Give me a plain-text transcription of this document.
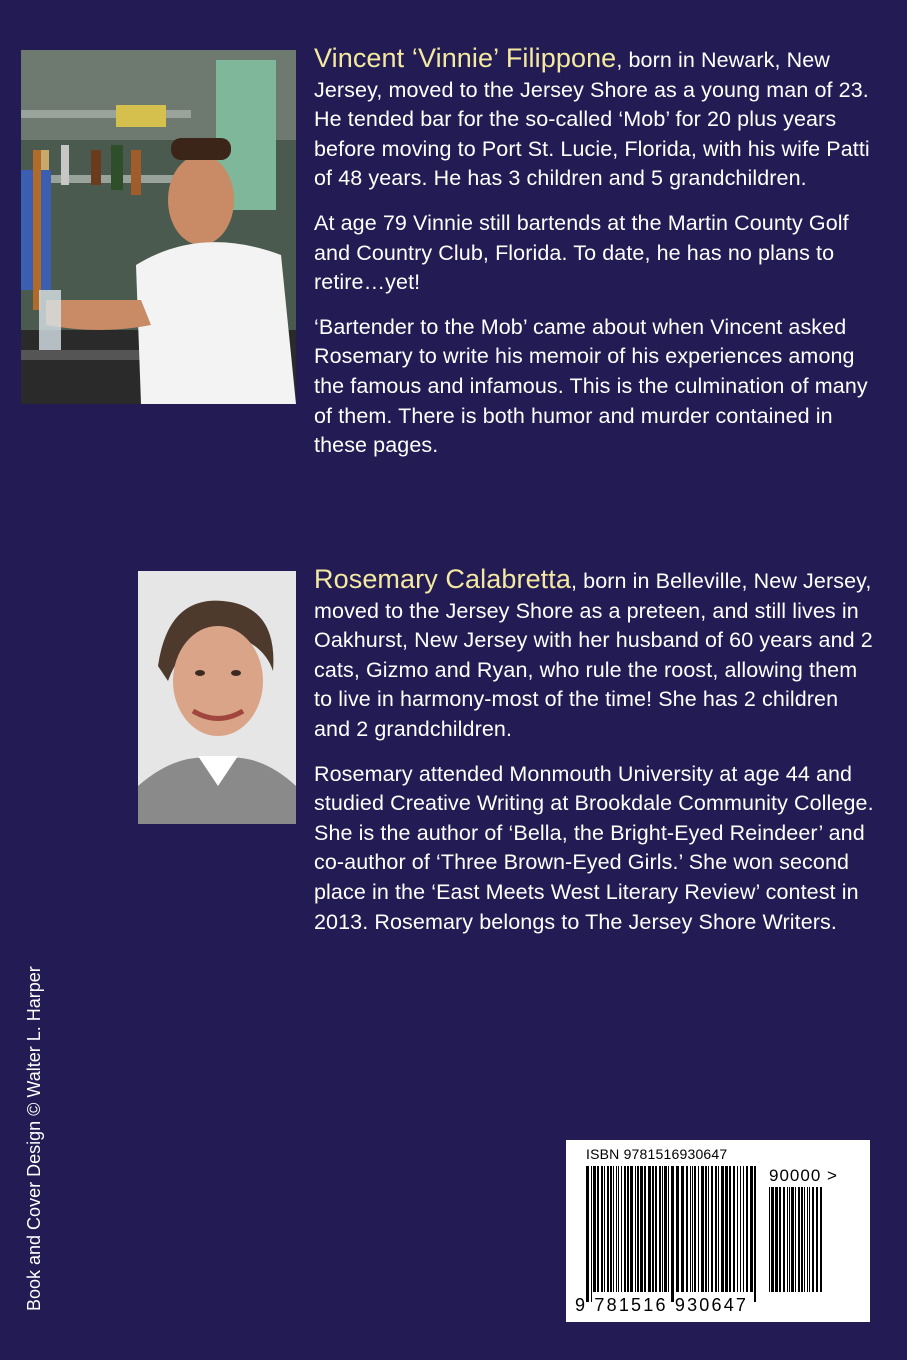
Vincent ‘Vinnie’ Filippone, born in Newark, New Jersey, moved to the Jersey Shore as a young man of 23. He tended bar for the so-called ‘Mob’ for 20 plus years before moving to Port St. Lucie, Florida, with his wife Patti of 48 years. He has 3 children and 5 grandchildren.

At age 79 Vinnie still bartends at the Martin County Golf and Country Club, Florida. To date, he has no plans to retire…yet!

‘Bartender to the Mob’ came about when Vincent asked Rosemary to write his memoir of his experiences among the famous and infamous. This is the culmination of many of them. There is both humor and murder contained in these pages.

Rosemary Calabretta, born in Belleville, New Jersey, moved to the Jersey Shore as a preteen, and still lives in Oakhurst, New Jersey with her husband of 60 years and 2 cats, Gizmo and Ryan, who rule the roost, allowing them to live in harmony-most of the time! She has 2 children and 2 grandchildren.

Rosemary attended Monmouth University at age 44 and studied Creative Writing at Brookdale Community College. She is the author of ‘Bella, the Bright-Eyed Reindeer’ and co-author of ‘Three Brown-Eyed Girls.’ She won second place in the ‘East Meets West Literary Review’ contest in 2013. Rosemary belongs to The Jersey Shore Writers.

Book and Cover Design © Walter L. Harper	ISBN 9781516930647
90000 >
9 781516 930647
